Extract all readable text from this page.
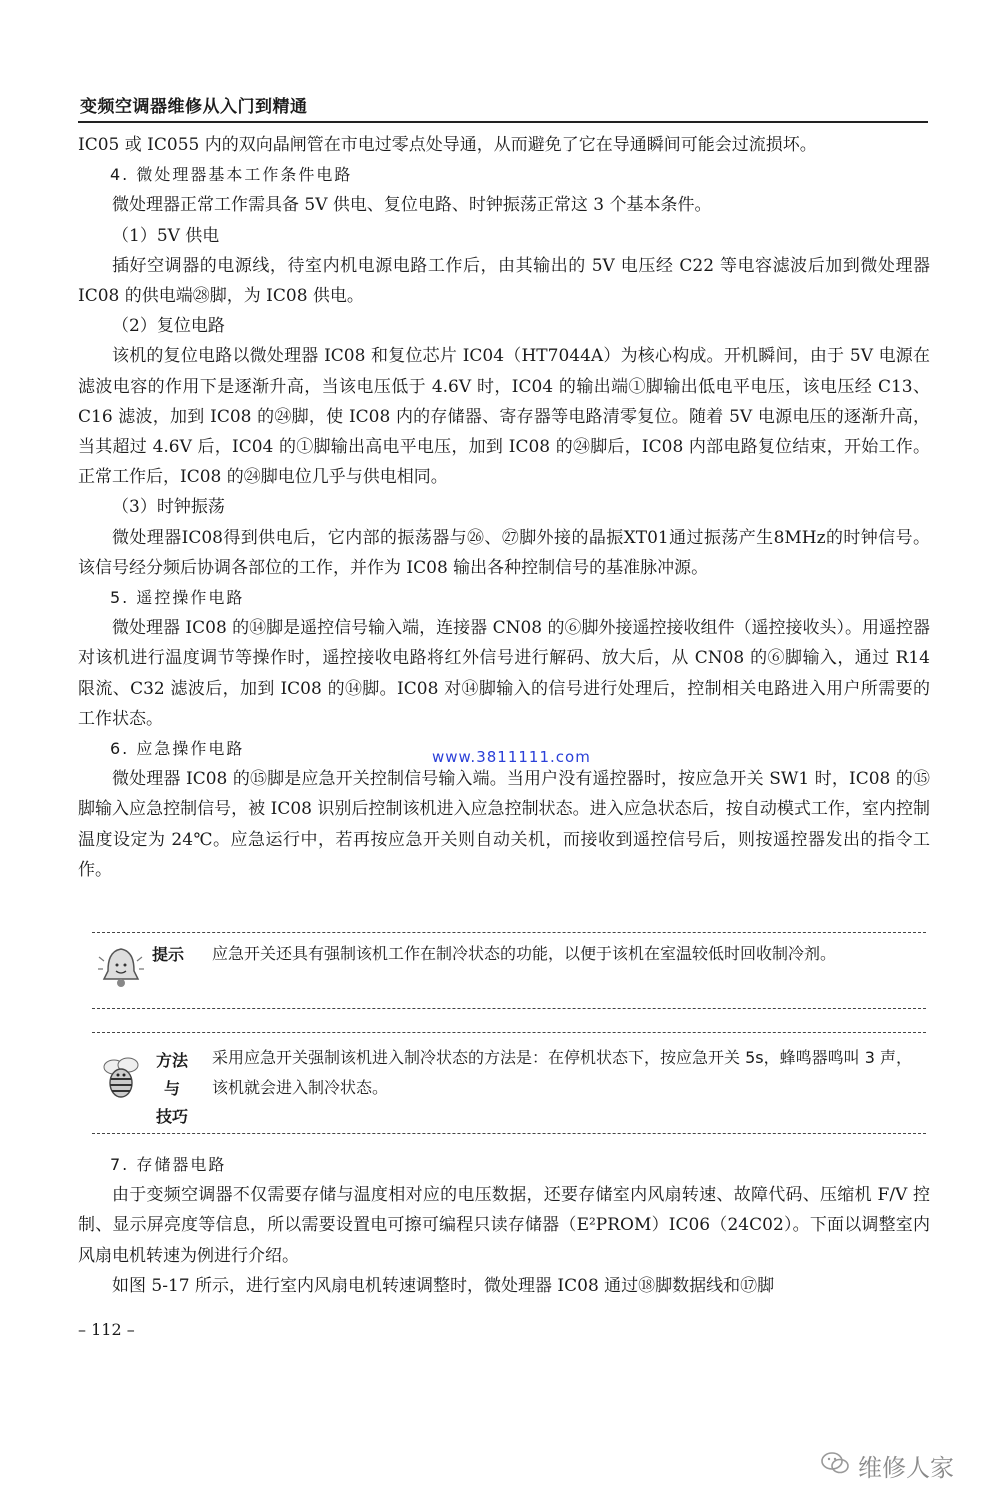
变频空调器维修从入门到精通

IC05 或 IC055 内的双向晶闸管在市电过零点处导通，从而避免了它在导通瞬间可能会过流损坏。

4. 微处理器基本工作条件电路

微处理器正常工作需具备 5V 供电、复位电路、时钟振荡正常这 3 个基本条件。

（1）5V 供电

插好空调器的电源线，待室内机电源电路工作后，由其输出的 5V 电压经 C22 等电容滤波后加到微处理器 IC08 的供电端㉘脚，为 IC08 供电。

（2）复位电路

该机的复位电路以微处理器 IC08 和复位芯片 IC04（HT7044A）为核心构成。开机瞬间，由于 5V 电源在滤波电容的作用下是逐渐升高，当该电压低于 4.6V 时，IC04 的输出端①脚输出低电平电压，该电压经 C13、C16 滤波，加到 IC08 的㉔脚，使 IC08 内的存储器、寄存器等电路清零复位。随着 5V 电源电压的逐渐升高，当其超过 4.6V 后，IC04 的①脚输出高电平电压，加到 IC08 的㉔脚后，IC08 内部电路复位结束，开始工作。正常工作后，IC08 的㉔脚电位几乎与供电相同。

（3）时钟振荡

微处理器IC08得到供电后，它内部的振荡器与㉖、㉗脚外接的晶振XT01通过振荡产生8MHz的时钟信号。该信号经分频后协调各部位的工作，并作为 IC08 输出各种控制信号的基准脉冲源。

5. 遥控操作电路

微处理器 IC08 的⑭脚是遥控信号输入端，连接器 CN08 的⑥脚外接遥控接收组件（遥控接收头）。用遥控器对该机进行温度调节等操作时，遥控接收电路将红外信号进行解码、放大后，从 CN08 的⑥脚输入，通过 R14 限流、C32 滤波后，加到 IC08 的⑭脚。IC08 对⑭脚输入的信号进行处理后，控制相关电路进入用户所需要的工作状态。

6. 应急操作电路

微处理器 IC08 的⑮脚是应急开关控制信号输入端。当用户没有遥控器时，按应急开关 SW1 时，IC08 的⑮脚输入应急控制信号，被 IC08 识别后控制该机进入应急控制状态。进入应急状态后，按自动模式工作，室内控制温度设定为 24℃。应急运行中，若再按应急开关则自动关机，而接收到遥控信号后，则按遥控器发出的指令工作。

www.3811111.com
提示 应急开关还具有强制该机工作在制冷状态的功能，以便于该机在室温较低时回收制冷剂。
方法
与
技巧
采用应急开关强制该机进入制冷状态的方法是：在停机状态下，按应急开关 5s，蜂鸣器鸣叫 3 声，该机就会进入制冷状态。

7. 存储器电路

由于变频空调器不仅需要存储与温度相对应的电压数据，还要存储室内风扇转速、故障代码、压缩机 F/V 控制、显示屏亮度等信息，所以需要设置电可擦可编程只读存储器（E²PROM）IC06（24C02）。下面以调整室内风扇电机转速为例进行介绍。

如图 5-17 所示，进行室内风扇电机转速调整时，微处理器 IC08 通过⑱脚数据线和⑰脚

– 112 –
维修人家
